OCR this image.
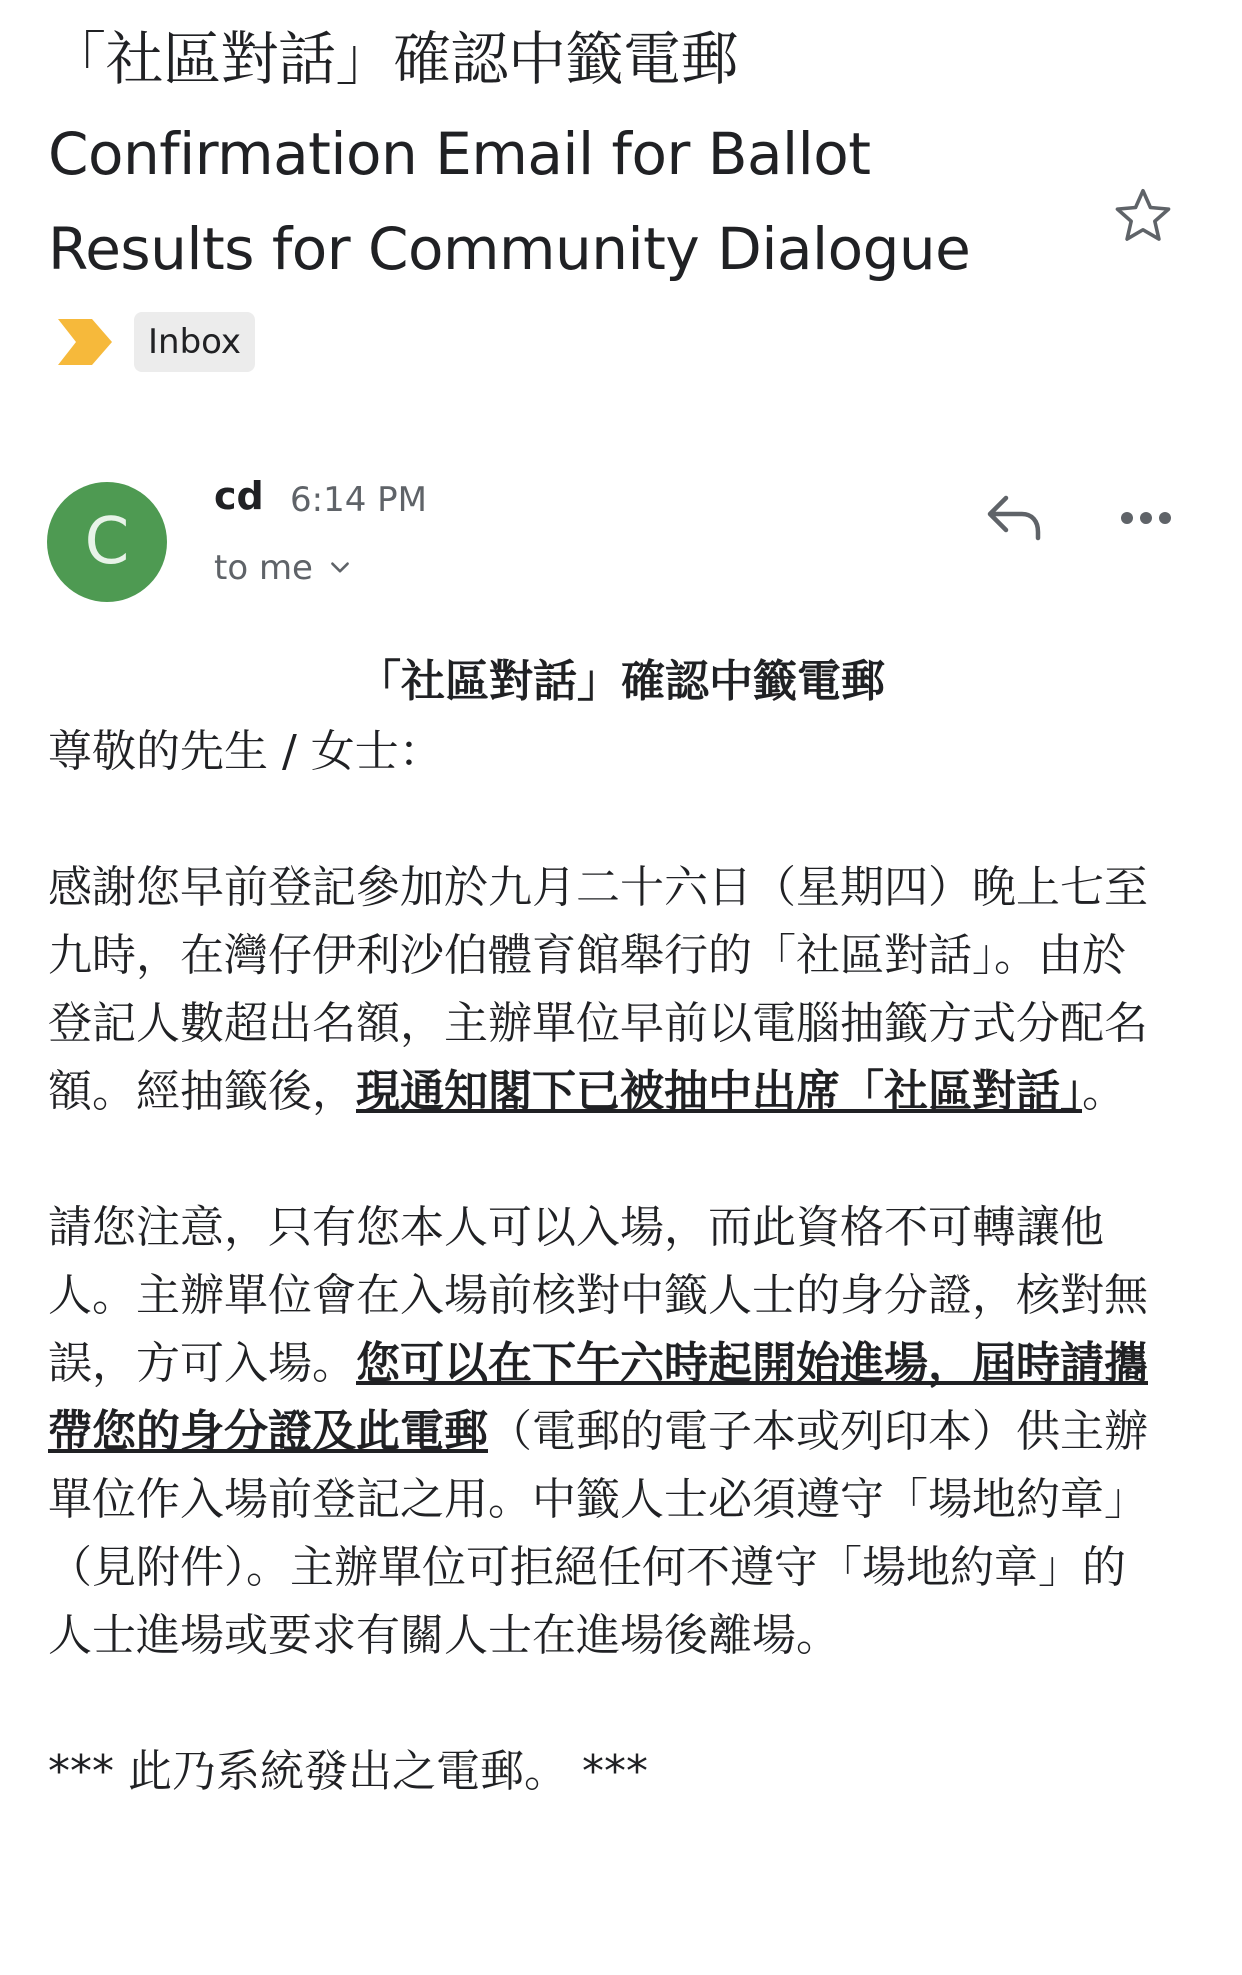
「社區對話」確認中籤電郵
Confirmation Email for Ballot
Results for Community Dialogue
Inbox
C
cd 6:14 PM
to me
「社區對話」確認中籤電郵

尊敬的先生 / 女士：

感謝您早前登記參加於九月二十六日（星期四）晚上七至九時，在灣仔伊利沙伯體育館舉行的「社區對話」。由於登記人數超出名額，主辦單位早前以電腦抽籤方式分配名額。經抽籤後，現通知閣下已被抽中出席「社區對話」。

請您注意，只有您本人可以入場，而此資格不可轉讓他人。主辦單位會在入場前核對中籤人士的身分證，核對無誤，方可入場。您可以在下午六時起開始進場，屆時請攜帶您的身分證及此電郵（電郵的電子本或列印本）供主辦單位作入場前登記之用。中籤人士必須遵守「場地約章」（見附件）。主辦單位可拒絕任何不遵守「場地約章」的人士進場或要求有關人士在進場後離場。

*** 此乃系統發出之電郵。 ***
